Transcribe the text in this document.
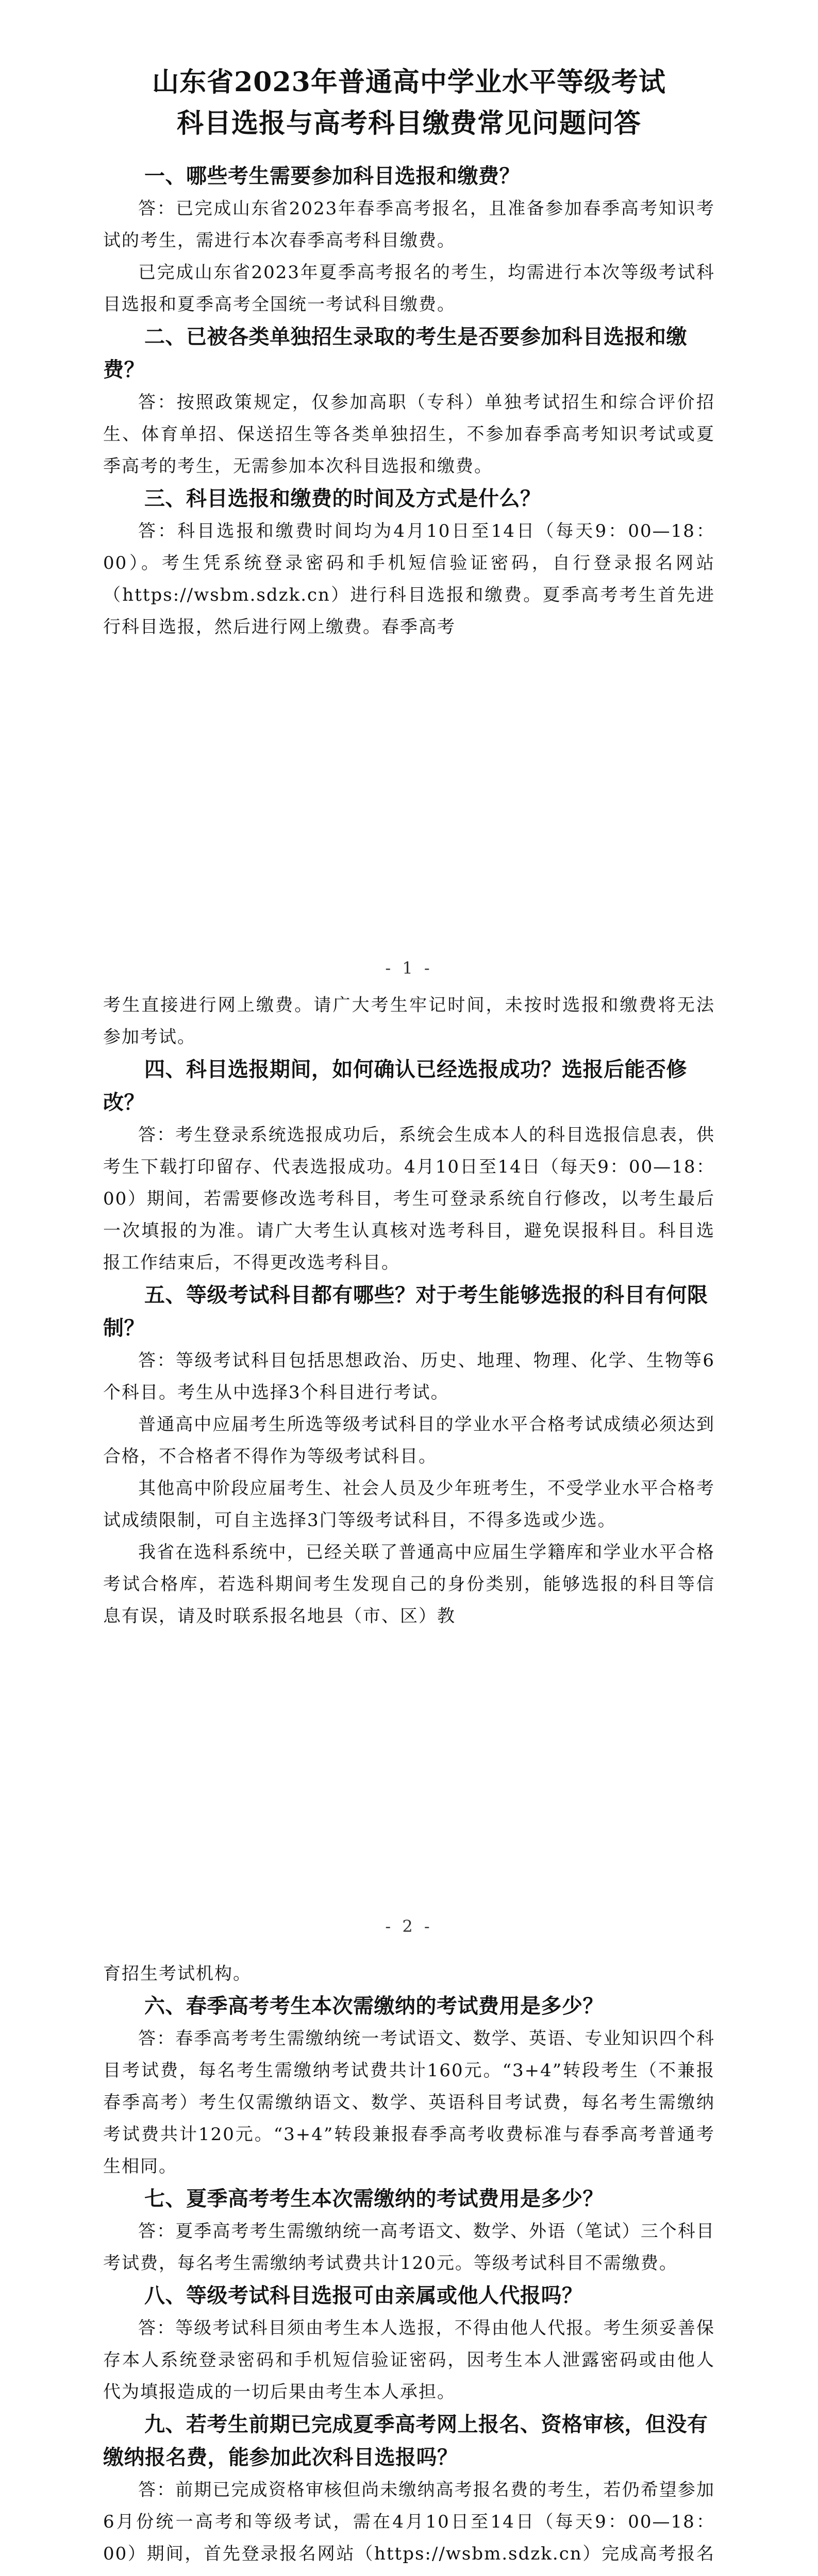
山东省2023年普通高中学业水平等级考试
科目选报与高考科目缴费常见问题问答

一、哪些考生需要参加科目选报和缴费？

答：已完成山东省2023年春季高考报名，且准备参加春季高考知识考试的考生，需进行本次春季高考科目缴费。

已完成山东省2023年夏季高考报名的考生，均需进行本次等级考试科目选报和夏季高考全国统一考试科目缴费。

二、已被各类单独招生录取的考生是否要参加科目选报和缴费？

答：按照政策规定，仅参加高职（专科）单独考试招生和综合评价招生、体育单招、保送招生等各类单独招生，不参加春季高考知识考试或夏季高考的考生，无需参加本次科目选报和缴费。

三、科目选报和缴费的时间及方式是什么？

答：科目选报和缴费时间均为4月10日至14日（每天9：00—18：00）。考生凭系统登录密码和手机短信验证密码，自行登录报名网站（https://wsbm.sdzk.cn）进行科目选报和缴费。夏季高考考生首先进行科目选报，然后进行网上缴费。春季高考

- 1 -

考生直接进行网上缴费。请广大考生牢记时间，未按时选报和缴费将无法参加考试。

四、科目选报期间，如何确认已经选报成功？选报后能否修改？

答：考生登录系统选报成功后，系统会生成本人的科目选报信息表，供考生下载打印留存、代表选报成功。4月10日至14日（每天9：00—18：00）期间，若需要修改选考科目，考生可登录系统自行修改，以考生最后一次填报的为准。请广大考生认真核对选考科目，避免误报科目。科目选报工作结束后，不得更改选考科目。

五、等级考试科目都有哪些？对于考生能够选报的科目有何限制？

答：等级考试科目包括思想政治、历史、地理、物理、化学、生物等6个科目。考生从中选择3个科目进行考试。

普通高中应届考生所选等级考试科目的学业水平合格考试成绩必须达到合格，不合格者不得作为等级考试科目。

其他高中阶段应届考生、社会人员及少年班考生，不受学业水平合格考试成绩限制，可自主选择3门等级考试科目，不得多选或少选。

我省在选科系统中，已经关联了普通高中应届生学籍库和学业水平合格考试合格库，若选科期间考生发现自己的身份类别，能够选报的科目等信息有误，请及时联系报名地县（市、区）教

- 2 -

育招生考试机构。

六、春季高考考生本次需缴纳的考试费用是多少？

答：春季高考考生需缴纳统一考试语文、数学、英语、专业知识四个科目考试费，每名考生需缴纳考试费共计160元。“3+4”转段考生（不兼报春季高考）考生仅需缴纳语文、数学、英语科目考试费，每名考生需缴纳考试费共计120元。“3+4”转段兼报春季高考收费标准与春季高考普通考生相同。

七、夏季高考考生本次需缴纳的考试费用是多少？

答：夏季高考考生需缴纳统一高考语文、数学、外语（笔试）三个科目考试费，每名考生需缴纳考试费共计120元。等级考试科目不需缴费。

八、等级考试科目选报可由亲属或他人代报吗？

答：等级考试科目须由考生本人选报，不得由他人代报。考生须妥善保存本人系统登录密码和手机短信验证密码，因考生本人泄露密码或由他人代为填报造成的一切后果由考生本人承担。

九、若考生前期已完成夏季高考网上报名、资格审核，但没有缴纳报名费，能参加此次科目选报吗？

答：前期已完成资格审核但尚未缴纳高考报名费的考生，若仍希望参加6月份统一高考和等级考试，需在4月10日至14日（每天9：00—18：00）期间，首先登录报名网站（https://wsbm.sdzk.cn）完成高考报名
